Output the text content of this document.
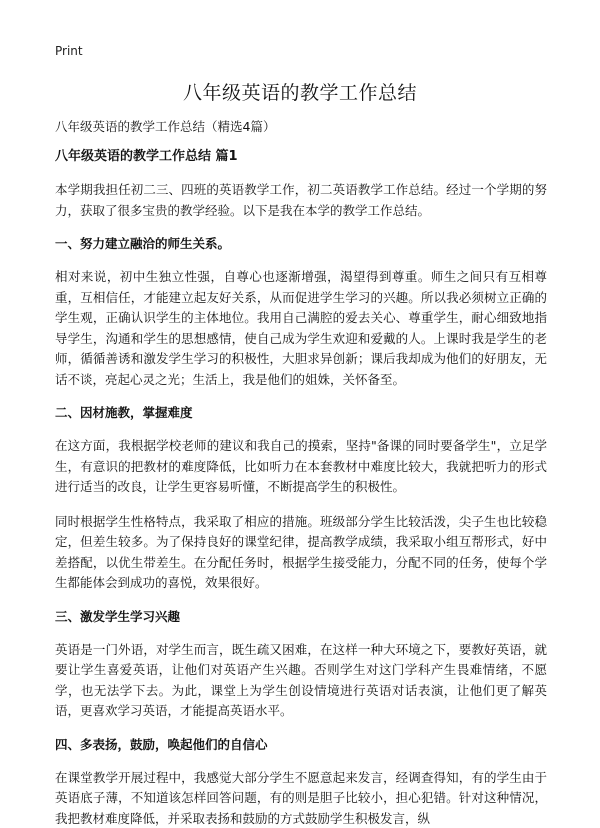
Print
八年级英语的教学工作总结

八年级英语的教学工作总结（精选4篇）

八年级英语的教学工作总结 篇1

本学期我担任初二三、四班的英语教学工作，初二英语教学工作总结。经过一个学期的努力，获取了很多宝贵的教学经验。以下是我在本学的教学工作总结。

一、努力建立融洽的师生关系。

相对来说，初中生独立性强，自尊心也逐渐增强，渴望得到尊重。师生之间只有互相尊重，互相信任，才能建立起友好关系，从而促进学生学习的兴趣。所以我必须树立正确的学生观，正确认识学生的主体地位。我用自己满腔的爱去关心、尊重学生，耐心细致地指导学生，沟通和学生的思想感情，使自己成为学生欢迎和爱戴的人。上课时我是学生的老师，循循善诱和激发学生学习的积极性，大胆求异创新；课后我却成为他们的好朋友，无话不谈，亮起心灵之光；生活上，我是他们的姐姝，关怀备至。

二、因材施教，掌握难度

在这方面，我根据学校老师的建议和我自己的摸索，坚持"备课的同时要备学生"，立足学生，有意识的把教材的难度降低，比如听力在本套教材中难度比较大，我就把听力的形式进行适当的改良，让学生更容易听懂，不断提高学生的积极性。

同时根据学生性格特点，我采取了相应的措施。班级部分学生比较活泼，尖子生也比较稳定，但差生较多。为了保持良好的课堂纪律，提高教学成绩，我采取小组互帮形式，好中差搭配，以优生带差生。在分配任务时，根据学生接受能力，分配不同的任务，使每个学生都能体会到成功的喜悦，效果很好。

三、激发学生学习兴趣

英语是一门外语，对学生而言，既生疏又困难，在这样一种大环境之下，要教好英语，就要让学生喜爱英语，让他们对英语产生兴趣。否则学生对这门学科产生畏难情绪，不愿学，也无法学下去。为此，课堂上为学生创设情境进行英语对话表演，让他们更了解英语，更喜欢学习英语，才能提高英语水平。

四、多表扬，鼓励，唤起他们的自信心

在课堂教学开展过程中，我感觉大部分学生不愿意起来发言，经调查得知，有的学生由于英语底子薄，不知道该怎样回答问题，有的则是胆子比较小，担心犯错。针对这种情况，我把教材难度降低，并采取表扬和鼓励的方式鼓励学生积极发言，纵
